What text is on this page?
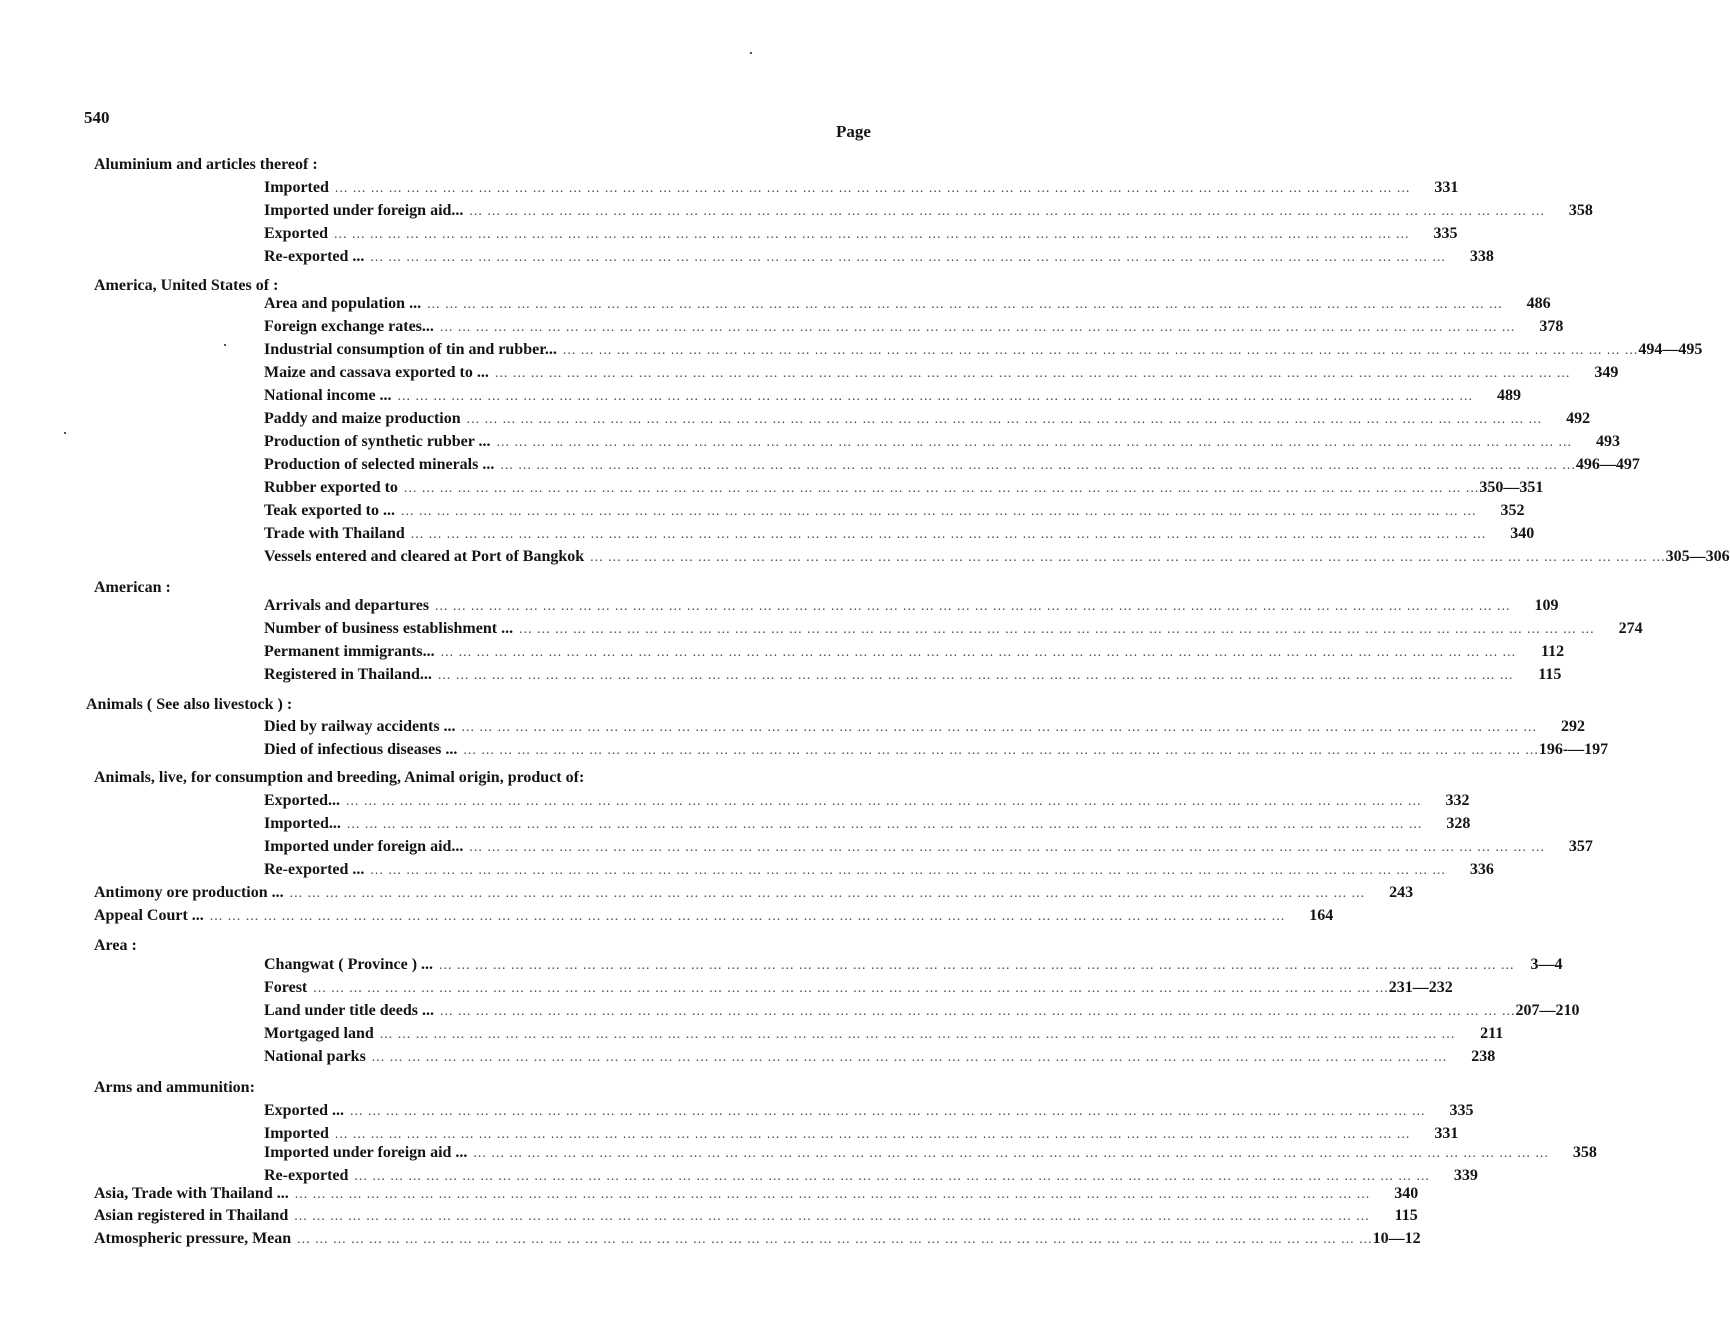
540
Page
Aluminium and articles thereof :
Imported ... ... ... ... ... ... ... ... ... ... ... ... ... ... ... ... ... ... ... ... ... ... ... ... ... ... ... ... ... ... ... ... ... ... ... ... ... ... ... ... ... ... ... ... ... ... ... ... ... ... ... ... ... ... ... ... ... ... ... ...	331
Imported under foreign aid... ... ... ... ... ... ... ... ... ... ... ... ... ... ... ... ... ... ... ... ... ... ... ... ... ... ... ... ... ... ... ... ... ... ... ... ... ... ... ... ... ... ... ... ... ... ... ... ... ... ... ... ... ... ... ... ... ... ... ... ...	358
Exported ... ... ... ... ... ... ... ... ... ... ... ... ... ... ... ... ... ... ... ... ... ... ... ... ... ... ... ... ... ... ... ... ... ... ... ... ... ... ... ... ... ... ... ... ... ... ... ... ... ... ... ... ... ... ... ... ... ... ... ...	335
Re-exported ... ... ... ... ... ... ... ... ... ... ... ... ... ... ... ... ... ... ... ... ... ... ... ... ... ... ... ... ... ... ... ... ... ... ... ... ... ... ... ... ... ... ... ... ... ... ... ... ... ... ... ... ... ... ... ... ... ... ... ... ...	338
America, United States of :
Area and population ... ... ... ... ... ... ... ... ... ... ... ... ... ... ... ... ... ... ... ... ... ... ... ... ... ... ... ... ... ... ... ... ... ... ... ... ... ... ... ... ... ... ... ... ... ... ... ... ... ... ... ... ... ... ... ... ... ... ... ... ...	486
Foreign exchange rates... ... ... ... ... ... ... ... ... ... ... ... ... ... ... ... ... ... ... ... ... ... ... ... ... ... ... ... ... ... ... ... ... ... ... ... ... ... ... ... ... ... ... ... ... ... ... ... ... ... ... ... ... ... ... ... ... ... ... ... ...	378
Industrial consumption of tin and rubber... ... ... ... ... ... ... ... ... ... ... ... ... ... ... ... ... ... ... ... ... ... ... ... ... ... ... ... ... ... ... ... ... ... ... ... ... ... ... ... ... ... ... ... ... ... ... ... ... ... ... ... ... ... ... ... ... ... ... ... ... 494—495
Maize and cassava exported to ... ... ... ... ... ... ... ... ... ... ... ... ... ... ... ... ... ... ... ... ... ... ... ... ... ... ... ... ... ... ... ... ... ... ... ... ... ... ... ... ... ... ... ... ... ... ... ... ... ... ... ... ... ... ... ... ... ... ... ... ...	349
National income ... ... ... ... ... ... ... ... ... ... ... ... ... ... ... ... ... ... ... ... ... ... ... ... ... ... ... ... ... ... ... ... ... ... ... ... ... ... ... ... ... ... ... ... ... ... ... ... ... ... ... ... ... ... ... ... ... ... ... ... ...	489
Paddy and maize production ... ... ... ... ... ... ... ... ... ... ... ... ... ... ... ... ... ... ... ... ... ... ... ... ... ... ... ... ... ... ... ... ... ... ... ... ... ... ... ... ... ... ... ... ... ... ... ... ... ... ... ... ... ... ... ... ... ... ... ...	492
Production of synthetic rubber ... ... ... ... ... ... ... ... ... ... ... ... ... ... ... ... ... ... ... ... ... ... ... ... ... ... ... ... ... ... ... ... ... ... ... ... ... ... ... ... ... ... ... ... ... ... ... ... ... ... ... ... ... ... ... ... ... ... ... ... ...	493
Production of selected minerals ... ... ... ... ... ... ... ... ... ... ... ... ... ... ... ... ... ... ... ... ... ... ... ... ... ... ... ... ... ... ... ... ... ... ... ... ... ... ... ... ... ... ... ... ... ... ... ... ... ... ... ... ... ... ... ... ... ... ... ... ... 496—497
Rubber exported to ... ... ... ... ... ... ... ... ... ... ... ... ... ... ... ... ... ... ... ... ... ... ... ... ... ... ... ... ... ... ... ... ... ... ... ... ... ... ... ... ... ... ... ... ... ... ... ... ... ... ... ... ... ... ... ... ... ... ... ... 350—351
Teak exported to ... ... ... ... ... ... ... ... ... ... ... ... ... ... ... ... ... ... ... ... ... ... ... ... ... ... ... ... ... ... ... ... ... ... ... ... ... ... ... ... ... ... ... ... ... ... ... ... ... ... ... ... ... ... ... ... ... ... ... ... ...	352
Trade with Thailand ... ... ... ... ... ... ... ... ... ... ... ... ... ... ... ... ... ... ... ... ... ... ... ... ... ... ... ... ... ... ... ... ... ... ... ... ... ... ... ... ... ... ... ... ... ... ... ... ... ... ... ... ... ... ... ... ... ... ... ...	340
Vessels entered and cleared at Port of Bangkok ... ... ... ... ... ... ... ... ... ... ... ... ... ... ... ... ... ... ... ... ... ... ... ... ... ... ... ... ... ... ... ... ... ... ... ... ... ... ... ... ... ... ... ... ... ... ... ... ... ... ... ... ... ... ... ... ... ... ... ... 305—306
American :
Arrivals and departures ... ... ... ... ... ... ... ... ... ... ... ... ... ... ... ... ... ... ... ... ... ... ... ... ... ... ... ... ... ... ... ... ... ... ... ... ... ... ... ... ... ... ... ... ... ... ... ... ... ... ... ... ... ... ... ... ... ... ... ...	109
Number of business establishment ... ... ... ... ... ... ... ... ... ... ... ... ... ... ... ... ... ... ... ... ... ... ... ... ... ... ... ... ... ... ... ... ... ... ... ... ... ... ... ... ... ... ... ... ... ... ... ... ... ... ... ... ... ... ... ... ... ... ... ... ...	274
Permanent immigrants... ... ... ... ... ... ... ... ... ... ... ... ... ... ... ... ... ... ... ... ... ... ... ... ... ... ... ... ... ... ... ... ... ... ... ... ... ... ... ... ... ... ... ... ... ... ... ... ... ... ... ... ... ... ... ... ... ... ... ... ...	112
Registered in Thailand... ... ... ... ... ... ... ... ... ... ... ... ... ... ... ... ... ... ... ... ... ... ... ... ... ... ... ... ... ... ... ... ... ... ... ... ... ... ... ... ... ... ... ... ... ... ... ... ... ... ... ... ... ... ... ... ... ... ... ... ...	115
Animals ( See also livestock ) :
Died by railway accidents ... ... ... ... ... ... ... ... ... ... ... ... ... ... ... ... ... ... ... ... ... ... ... ... ... ... ... ... ... ... ... ... ... ... ... ... ... ... ... ... ... ... ... ... ... ... ... ... ... ... ... ... ... ... ... ... ... ... ... ... ...	292
Died of infectious diseases ... ... ... ... ... ... ... ... ... ... ... ... ... ... ... ... ... ... ... ... ... ... ... ... ... ... ... ... ... ... ... ... ... ... ... ... ... ... ... ... ... ... ... ... ... ... ... ... ... ... ... ... ... ... ... ... ... ... ... ... ... 196-—197
Animals, live, for consumption and breeding, Animal origin, product of:
Exported... ... ... ... ... ... ... ... ... ... ... ... ... ... ... ... ... ... ... ... ... ... ... ... ... ... ... ... ... ... ... ... ... ... ... ... ... ... ... ... ... ... ... ... ... ... ... ... ... ... ... ... ... ... ... ... ... ... ... ... ...	332
Imported... ... ... ... ... ... ... ... ... ... ... ... ... ... ... ... ... ... ... ... ... ... ... ... ... ... ... ... ... ... ... ... ... ... ... ... ... ... ... ... ... ... ... ... ... ... ... ... ... ... ... ... ... ... ... ... ... ... ... ... ...	328
Imported under foreign aid... ... ... ... ... ... ... ... ... ... ... ... ... ... ... ... ... ... ... ... ... ... ... ... ... ... ... ... ... ... ... ... ... ... ... ... ... ... ... ... ... ... ... ... ... ... ... ... ... ... ... ... ... ... ... ... ... ... ... ... ...	357
Re-exported ... ... ... ... ... ... ... ... ... ... ... ... ... ... ... ... ... ... ... ... ... ... ... ... ... ... ... ... ... ... ... ... ... ... ... ... ... ... ... ... ... ... ... ... ... ... ... ... ... ... ... ... ... ... ... ... ... ... ... ... ...	336
Antimony ore production ... ... ... ... ... ... ... ... ... ... ... ... ... ... ... ... ... ... ... ... ... ... ... ... ... ... ... ... ... ... ... ... ... ... ... ... ... ... ... ... ... ... ... ... ... ... ... ... ... ... ... ... ... ... ... ... ... ... ... ... ...	243
Appeal Court ... ... ... ... ... ... ... ... ... ... ... ... ... ... ... ... ... ... ... ... ... ... ... ... ... ... ... ... ... ... ... ... ... ... ... ... ... ... ... ... ... ... ... ... ... ... ... ... ... ... ... ... ... ... ... ... ... ... ... ... ...	164
Area :
Changwat ( Province ) ... ... ... ... ... ... ... ... ... ... ... ... ... ... ... ... ... ... ... ... ... ... ... ... ... ... ... ... ... ... ... ... ... ... ... ... ... ... ... ... ... ... ... ... ... ... ... ... ... ... ... ... ... ... ... ... ... ... ... ... ...	3—4
Forest ... ... ... ... ... ... ... ... ... ... ... ... ... ... ... ... ... ... ... ... ... ... ... ... ... ... ... ... ... ... ... ... ... ... ... ... ... ... ... ... ... ... ... ... ... ... ... ... ... ... ... ... ... ... ... ... ... ... ... ... 231—232
Land under title deeds ... ... ... ... ... ... ... ... ... ... ... ... ... ... ... ... ... ... ... ... ... ... ... ... ... ... ... ... ... ... ... ... ... ... ... ... ... ... ... ... ... ... ... ... ... ... ... ... ... ... ... ... ... ... ... ... ... ... ... ... ... 207—210
Mortgaged land ... ... ... ... ... ... ... ... ... ... ... ... ... ... ... ... ... ... ... ... ... ... ... ... ... ... ... ... ... ... ... ... ... ... ... ... ... ... ... ... ... ... ... ... ... ... ... ... ... ... ... ... ... ... ... ... ... ... ... ...	211
National parks ... ... ... ... ... ... ... ... ... ... ... ... ... ... ... ... ... ... ... ... ... ... ... ... ... ... ... ... ... ... ... ... ... ... ... ... ... ... ... ... ... ... ... ... ... ... ... ... ... ... ... ... ... ... ... ... ... ... ... ...	238
Arms and ammunition:
Exported ... ... ... ... ... ... ... ... ... ... ... ... ... ... ... ... ... ... ... ... ... ... ... ... ... ... ... ... ... ... ... ... ... ... ... ... ... ... ... ... ... ... ... ... ... ... ... ... ... ... ... ... ... ... ... ... ... ... ... ... ...	335
Imported ... ... ... ... ... ... ... ... ... ... ... ... ... ... ... ... ... ... ... ... ... ... ... ... ... ... ... ... ... ... ... ... ... ... ... ... ... ... ... ... ... ... ... ... ... ... ... ... ... ... ... ... ... ... ... ... ... ... ... ...	331
Imported under foreign aid ... ... ... ... ... ... ... ... ... ... ... ... ... ... ... ... ... ... ... ... ... ... ... ... ... ... ... ... ... ... ... ... ... ... ... ... ... ... ... ... ... ... ... ... ... ... ... ... ... ... ... ... ... ... ... ... ... ... ... ... ...	358
Re-exported ... ... ... ... ... ... ... ... ... ... ... ... ... ... ... ... ... ... ... ... ... ... ... ... ... ... ... ... ... ... ... ... ... ... ... ... ... ... ... ... ... ... ... ... ... ... ... ... ... ... ... ... ... ... ... ... ... ... ... ...	339
Asia, Trade with Thailand ... ... ... ... ... ... ... ... ... ... ... ... ... ... ... ... ... ... ... ... ... ... ... ... ... ... ... ... ... ... ... ... ... ... ... ... ... ... ... ... ... ... ... ... ... ... ... ... ... ... ... ... ... ... ... ... ... ... ... ... ...	340
Asian registered in Thailand ... ... ... ... ... ... ... ... ... ... ... ... ... ... ... ... ... ... ... ... ... ... ... ... ... ... ... ... ... ... ... ... ... ... ... ... ... ... ... ... ... ... ... ... ... ... ... ... ... ... ... ... ... ... ... ... ... ... ... ...	115
Atmospheric pressure, Mean ... ... ... ... ... ... ... ... ... ... ... ... ... ... ... ... ... ... ... ... ... ... ... ... ... ... ... ... ... ... ... ... ... ... ... ... ... ... ... ... ... ... ... ... ... ... ... ... ... ... ... ... ... ... ... ... ... ... ... ... 10—12
